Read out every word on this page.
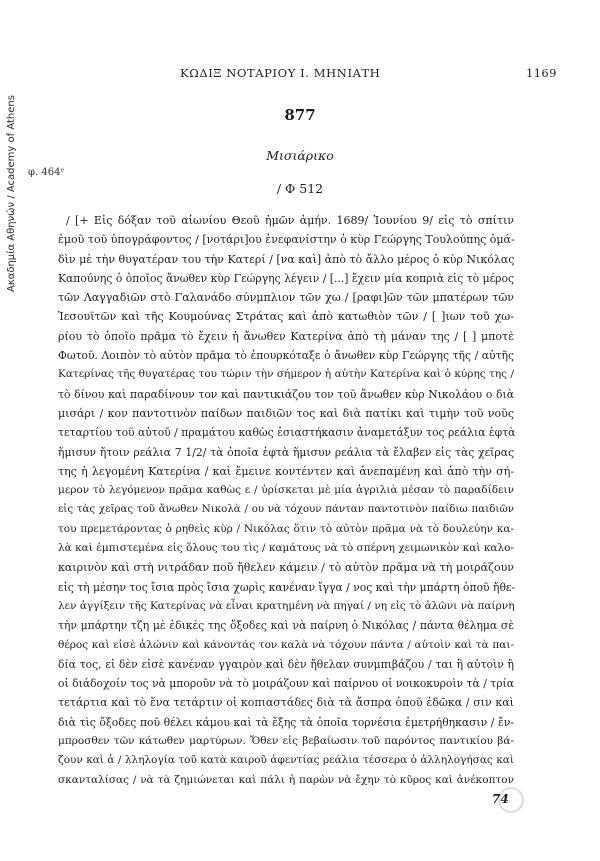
Ακαδημία Αθηνών / Academy of Athens
ΚΩΔΙΞ ΝΟΤΑΡΙΟΥ Ι. ΜΗΝΙΑΤΗ	1169
877
Μισιάρικο
φ. 464ᵉ
/ Φ 512
/ [+ Εἰς δόξαν τοῦ αἰωνίου Θεοῦ ἡμῶν ἀμήν. 1689/ Ἰουνίου 9/ εἰς τὸ σπίτιν
ἐμοῦ τοῦ ὑπογράφοντος / [νοτάρι]ου ἐνεφανίστην ὁ κὺρ Γεώργης Τουλούπης ὁμά-
δὶν μὲ τὴν θυγατέραν του τὴν Κατερί / [να καὶ] ἀπὸ τὸ ἄλλο μέρος ὁ κὺρ Νικόλας
Καπούνης ὁ ὁποῖος ἄνωθεν κὺρ Γεώργης λέγειν / [...] ἔχειν μία κοπριὰ εἰς τὸ μέρος
τῶν Λαγγαδιῶν στὸ Γαλανάδο σύνμπλιον τῶν χω / [ραφι]ῶν τῶν μπατέρων τῶν
Ἰεσουϊτῶν καὶ τῆς Κουμούνας Στράτας καὶ ἀπὸ κατωθιὸν τῶν / [ ]ιων τοῦ χω-
ρίου τὸ ὁποῖο πρᾶμα τὸ ἔχειν ἡ ἄνωθεν Κατερίνα ἀπὸ τὴ μάναν της / [ ] μποτὲ
Φωτοῦ. Λοιπὸν τὸ αὐτὸν πρᾶμα τὸ ἐπουρκόταξε ὁ ἄνωθεν κὺρ Γεώργης τῆς / αὐτῆς
Κατερίνας τῆς θυγατέρας του τώριν τὴν σήμερον ἡ αὐτὴν Κατερίνα καὶ ὁ κύρης της /
τὸ δίνου καὶ παραδίνουν τον καὶ παντικιάζου τον τοῦ ἄνωθεν κὺρ Νικολάου ο διὰ
μισάρι / κον παντοτινὸν παίδων παιδιῶν τος καὶ διὰ πατίκι καὶ τιμὴν τοῦ νοῦς
τεταρτίου τοῦ αὐτοῦ / πραμάτου καθὼς ἐσιαστήκασιν ἀναμετάξυν τος ρεάλια ἐφτὰ
ἥμισυν ἤτοιν ρεάλια 7 1/2/ τὰ ὁποῖα ἐφτὰ ἥμισυν ρεάλια τὰ ἔλαβεν εἰς τὰς χεῖρας
της ἡ λεγομένη Κατερίνα / καὶ ἔμεινε κοντέντεν καὶ ἀνεπαμένη καὶ ἀπὸ τὴν σή-
μερον τὸ λεγόμενον πρᾶμα καθὼς ε / ὑρίσκεται μὲ μία ἀγριλιὰ μέσαν τὸ παραδίδειν
εἰς τὰς χεῖρας τοῦ ἄνωθεν Νικολὰ / ου νὰ τόχουν πάνταν παντοτινὸν παίδιω παιδιῶν
του πρεμετάροντας ὁ ρηθεὶς κὺρ / Νικόλας ὅτιν τὸ αὐτὸν πρᾶμα νὰ τὸ δουλεύην κα-
λὰ καὶ ἐμπιστεμένα εἰς ὅλους του τὶς / καμάτους νὰ τὸ σπέρνη χειμωνικὸν καὶ καλο-
καιρινὸν καὶ στὴ νιτράδαν ποῦ ἤθελεν κάμειν / τὸ αὐτὸν πρᾶμα νὰ τὴ μοιράζουν
εἰς τὴ μέσην τος ἴσια πρὸς ἴσια χωρὶς κανέναν ἴγγα / νος καὶ τὴν μπάρτη ὁποῦ ἤθε-
λεν ἀγγίξειν τῆς Κατερίνας νὰ εἶναι κρατημένη νὰ πηγαί / νη εἰς τὸ ἁλῶνι νὰ παίρνη
τὴν μπάρτην τζη μὲ ἐδικές της ὄξοδες καὶ νὰ παίρνη ὁ Νικόλας / πάντα θέλημα σὲ
θέρος καὶ εἰσὲ ἁλώνιν καὶ κάνοντάς τον καλὰ νὰ τόχουν πάντα / αὐτοὶν καὶ τὰ παι-
δία τος, εἰ δὲν εἰσὲ κανέναν γγαιρὸν καὶ δὲν ἤθελαν συνμπιβάζου / ται ἢ αὐτοὶν ἢ
οἱ διάδοχοίν τος νὰ μποροῦν νὰ τὸ μοιράζουν καὶ παίρνου οἱ νοικοκυροὶν τὰ / τρία
τετάρτια καὶ τὸ ἕνα τετάρτιν οἱ κοπιαστάδες διὰ τὰ ἄσπρα ὁποῦ ἐδῶκα / σιν καὶ
διὰ τὶς ὄξοδες ποῦ θέλει κάμου καὶ τὰ ἔξης τὰ ὁποῖα τορνέσια ἐμετρήθηκασιν / ἔν-
μπροσθεν τῶν κάτωθεν μαρτύρων. Ὅθεν εἰς βεβαίωσιν τοῦ παρόντος παντικίου βά-
ζουν καὶ ἀ / λληλογία τοῦ κατὰ καιροῦ ἀφεντίας ρεάλια τέσσερα ὁ ἀλληλογήσας καὶ
σκανταλίσας / νὰ τὰ ζημιώνεται καὶ πάλι ἡ παρὼν νὰ ἔχην τὸ κῦρος καὶ ἀνέκοπτον
74
